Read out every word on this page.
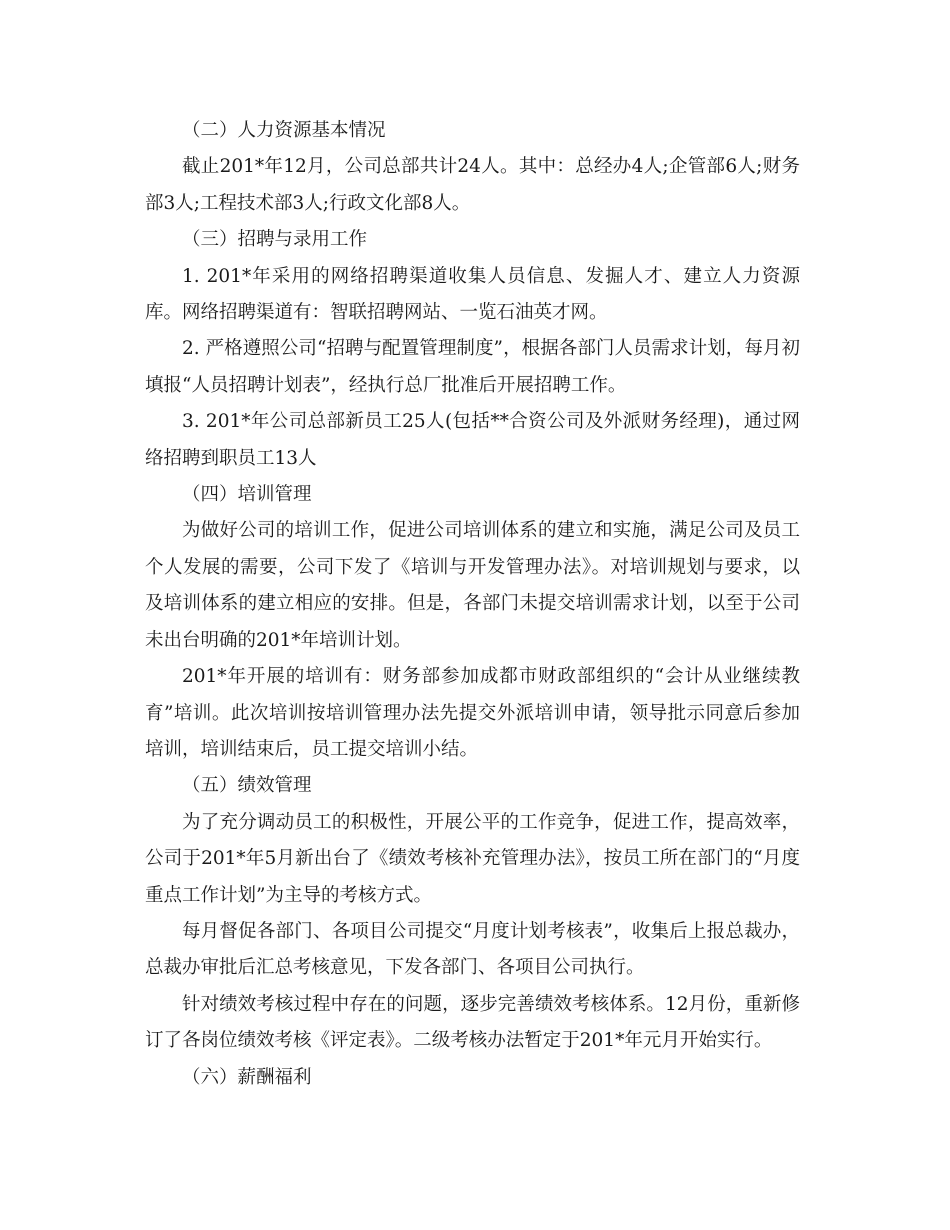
（二）人力资源基本情况

截止201*年12月，公司总部共计24人。其中：总经办4人;企管部6人;财务部3人;工程技术部3人;行政文化部8人。

（三）招聘与录用工作

1. 201*年采用的网络招聘渠道收集人员信息、发掘人才、建立人力资源库。网络招聘渠道有：智联招聘网站、一览石油英才网。

2. 严格遵照公司“招聘与配置管理制度”，根据各部门人员需求计划，每月初填报“人员招聘计划表”，经执行总厂批准后开展招聘工作。

3. 201*年公司总部新员工25人(包括**合资公司及外派财务经理)，通过网络招聘到职员工13人

（四）培训管理

为做好公司的培训工作，促进公司培训体系的建立和实施，满足公司及员工个人发展的需要，公司下发了《培训与开发管理办法》。对培训规划与要求，以及培训体系的建立相应的安排。但是，各部门未提交培训需求计划，以至于公司未出台明确的201*年培训计划。

201*年开展的培训有：财务部参加成都市财政部组织的“会计从业继续教育”培训。此次培训按培训管理办法先提交外派培训申请，领导批示同意后参加培训，培训结束后，员工提交培训小结。

（五）绩效管理

为了充分调动员工的积极性，开展公平的工作竞争，促进工作，提高效率，公司于201*年5月新出台了《绩效考核补充管理办法》，按员工所在部门的“月度重点工作计划”为主导的考核方式。

每月督促各部门、各项目公司提交“月度计划考核表”，收集后上报总裁办，总裁办审批后汇总考核意见，下发各部门、各项目公司执行。

针对绩效考核过程中存在的问题，逐步完善绩效考核体系。12月份，重新修订了各岗位绩效考核《评定表》。二级考核办法暂定于201*年元月开始实行。

（六）薪酬福利
